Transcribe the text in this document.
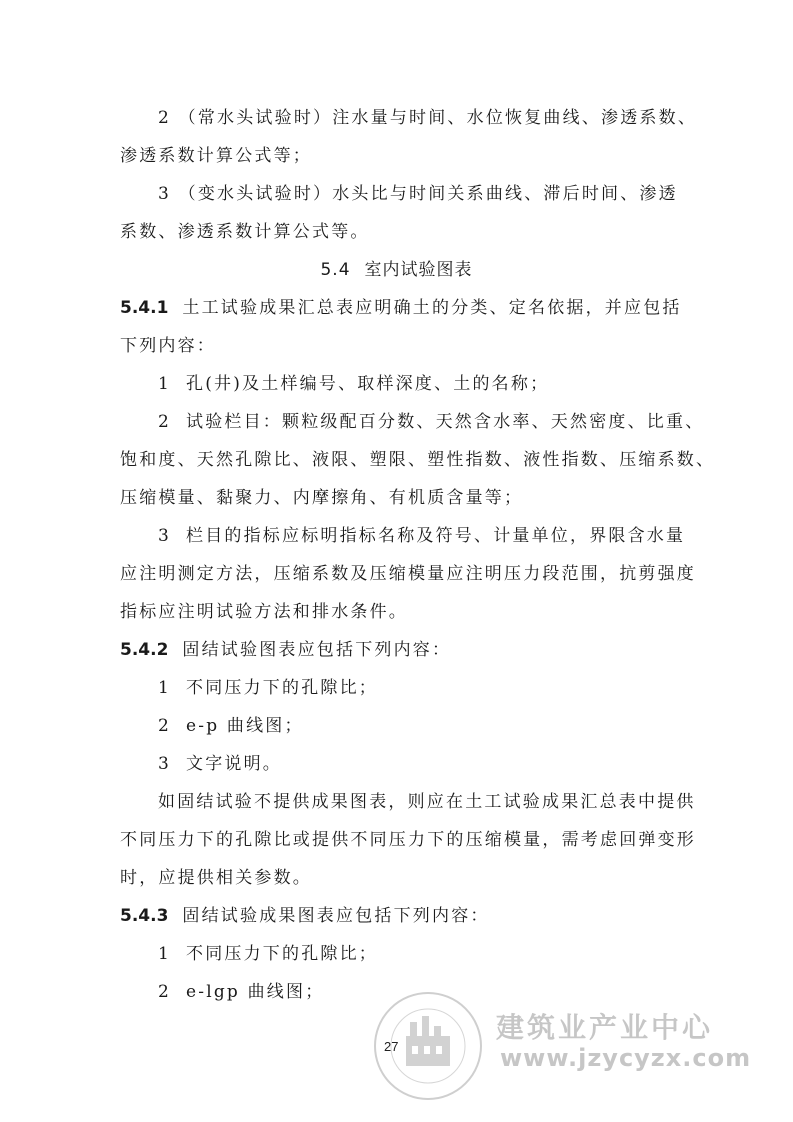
2 （常水头试验时）注水量与时间、水位恢复曲线、渗透系数、
渗透系数计算公式等；
3 （变水头试验时）水头比与时间关系曲线、滞后时间、渗透
系数、渗透系数计算公式等。
5.4 室内试验图表
5.4.1 土工试验成果汇总表应明确土的分类、定名依据，并应包括
下列内容：
1 孔(井)及土样编号、取样深度、土的名称；
2 试验栏目：颗粒级配百分数、天然含水率、天然密度、比重、
饱和度、天然孔隙比、液限、塑限、塑性指数、液性指数、压缩系数、
压缩模量、黏聚力、内摩擦角、有机质含量等；
3 栏目的指标应标明指标名称及符号、计量单位，界限含水量
应注明测定方法，压缩系数及压缩模量应注明压力段范围，抗剪强度
指标应注明试验方法和排水条件。
5.4.2 固结试验图表应包括下列内容：
1 不同压力下的孔隙比；
2 e-p 曲线图；
3 文字说明。
如固结试验不提供成果图表，则应在土工试验成果汇总表中提供
不同压力下的孔隙比或提供不同压力下的压缩模量，需考虑回弹变形
时，应提供相关参数。
5.4.3 固结试验成果图表应包括下列内容：
1 不同压力下的孔隙比；
2 e-lgp 曲线图；
27
建筑业产业中心
www.jzycyzx.com
